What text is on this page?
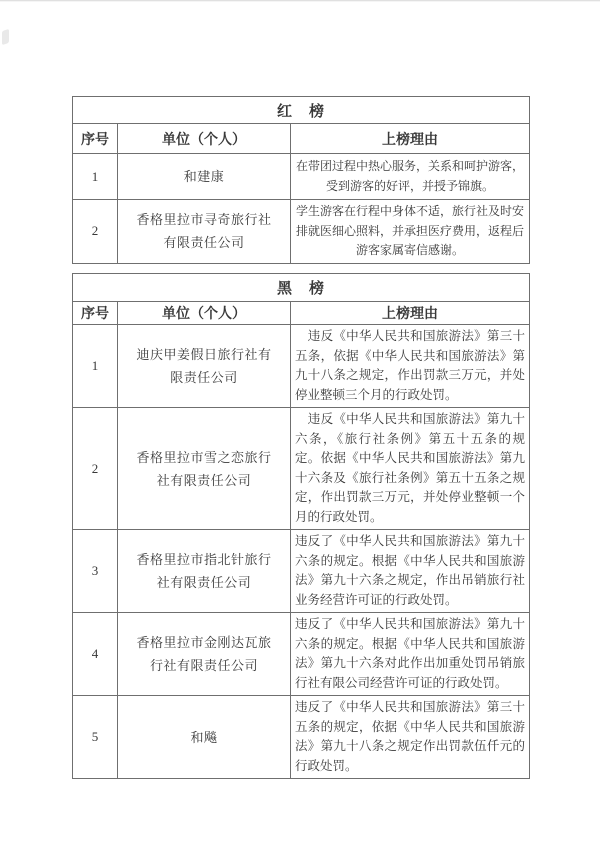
红　榜		
序号	单位（个人）	上榜理由
1	和建康	在带团过程中热心服务，关系和呵护游客，受到游客的好评，并授予锦旗。
2	香格里拉市寻奇旅行社有限责任公司	学生游客在行程中身体不适，旅行社及时安排就医细心照料，并承担医疗费用，返程后游客家属寄信感谢。
黑　榜		
序号	单位（个人）	上榜理由
1	迪庆甲姜假日旅行社有限责任公司	　违反《中华人民共和国旅游法》第三十五条，依据《中华人民共和国旅游法》第九十八条之规定，作出罚款三万元，并处停业整顿三个月的行政处罚。
2	香格里拉市雪之恋旅行社有限责任公司	　违反《中华人民共和国旅游法》第九十六条，《旅行社条例》第五十五条的规定。依据《中华人民共和国旅游法》第九十六条及《旅行社条例》第五十五条之规定，作出罚款三万元，并处停业整顿一个月的行政处罚。
3	香格里拉市指北针旅行社有限责任公司	违反了《中华人民共和国旅游法》第九十六条的规定。根据《中华人民共和国旅游法》第九十六条之规定，作出吊销旅行社业务经营许可证的行政处罚。
4	香格里拉市金刚达瓦旅行社有限责任公司	违反了《中华人民共和国旅游法》第九十六条的规定。根据《中华人民共和国旅游法》第九十六条对此作出加重处罚吊销旅行社有限公司经营许可证的行政处罚。
5	和飚	违反了《中华人民共和国旅游法》第三十五条的规定，依据《中华人民共和国旅游法》第九十八条之规定作出罚款伍仟元的行政处罚。
